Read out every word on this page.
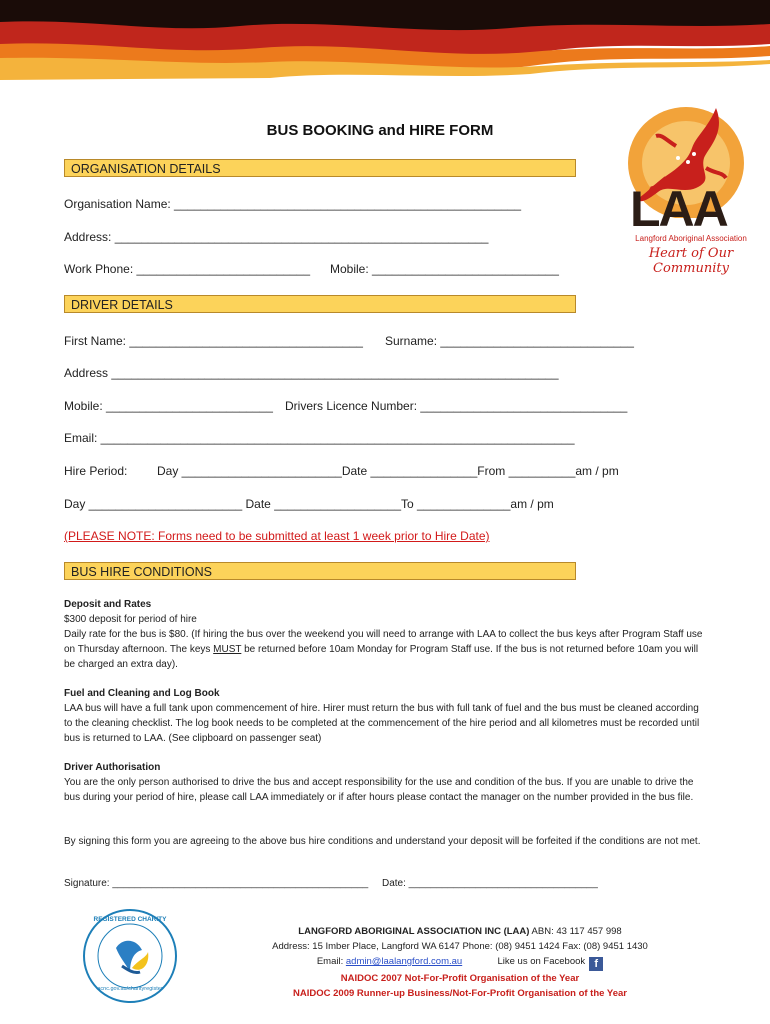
BUS BOOKING and HIRE FORM
LAA
Langford Aboriginal Association
Heart of Our Community
ORGANISATION DETAILS
Organisation Name: ____________________________________________________
Address: ________________________________________________________
Work Phone: __________________________ Mobile: ____________________________
DRIVER DETAILS
First Name: ___________________________________ Surname: _____________________________
Address ___________________________________________________________________
Mobile: _________________________ Drivers Licence Number: _______________________________
Email: _______________________________________________________________________
Hire Period: Day ________________________Date ________________From __________am / pm
Day _______________________ Date ___________________To ______________am / pm
(PLEASE NOTE: Forms need to be submitted at least 1 week prior to Hire Date)
BUS HIRE CONDITIONS
Deposit and Rates
$300 deposit for period of hire
Daily rate for the bus is $80. (If hiring the bus over the weekend you will need to arrange with LAA to collect the bus keys after Program Staff use on Thursday afternoon. The keys MUST be returned before 10am Monday for Program Staff use. If the bus is not returned before 10am you will be charged an extra day).
Fuel and Cleaning and Log Book
LAA bus will have a full tank upon commencement of hire. Hirer must return the bus with full tank of fuel and the bus must be cleaned according to the cleaning checklist. The log book needs to be completed at the commencement of the hire period and all kilometres must be recorded until bus is returned to LAA. (See clipboard on passenger seat)
Driver Authorisation
You are the only person authorised to drive the bus and accept responsibility for the use and condition of the bus. If you are unable to drive the bus during your period of hire, please call LAA immediately or if after hours please contact the manager on the number provided in the bus file.
By signing this form you are agreeing to the above bus hire conditions and understand your deposit will be forfeited if the conditions are not met.
Signature: ______________________________________________ Date: __________________________________
REGISTERED CHARITY
acnc.gov.au/charityregister
LANGFORD ABORIGINAL ASSOCIATION INC (LAA) ABN: 43 117 457 998
Address: 15 Imber Place, Langford WA 6147 Phone: (08) 9451 1424 Fax: (08) 9451 1430
Email: admin@laalangford.com.au	Like us on Facebook f
NAIDOC 2007 Not-For-Profit Organisation of the Year
NAIDOC 2009 Runner-up Business/Not-For-Profit Organisation of the Year
